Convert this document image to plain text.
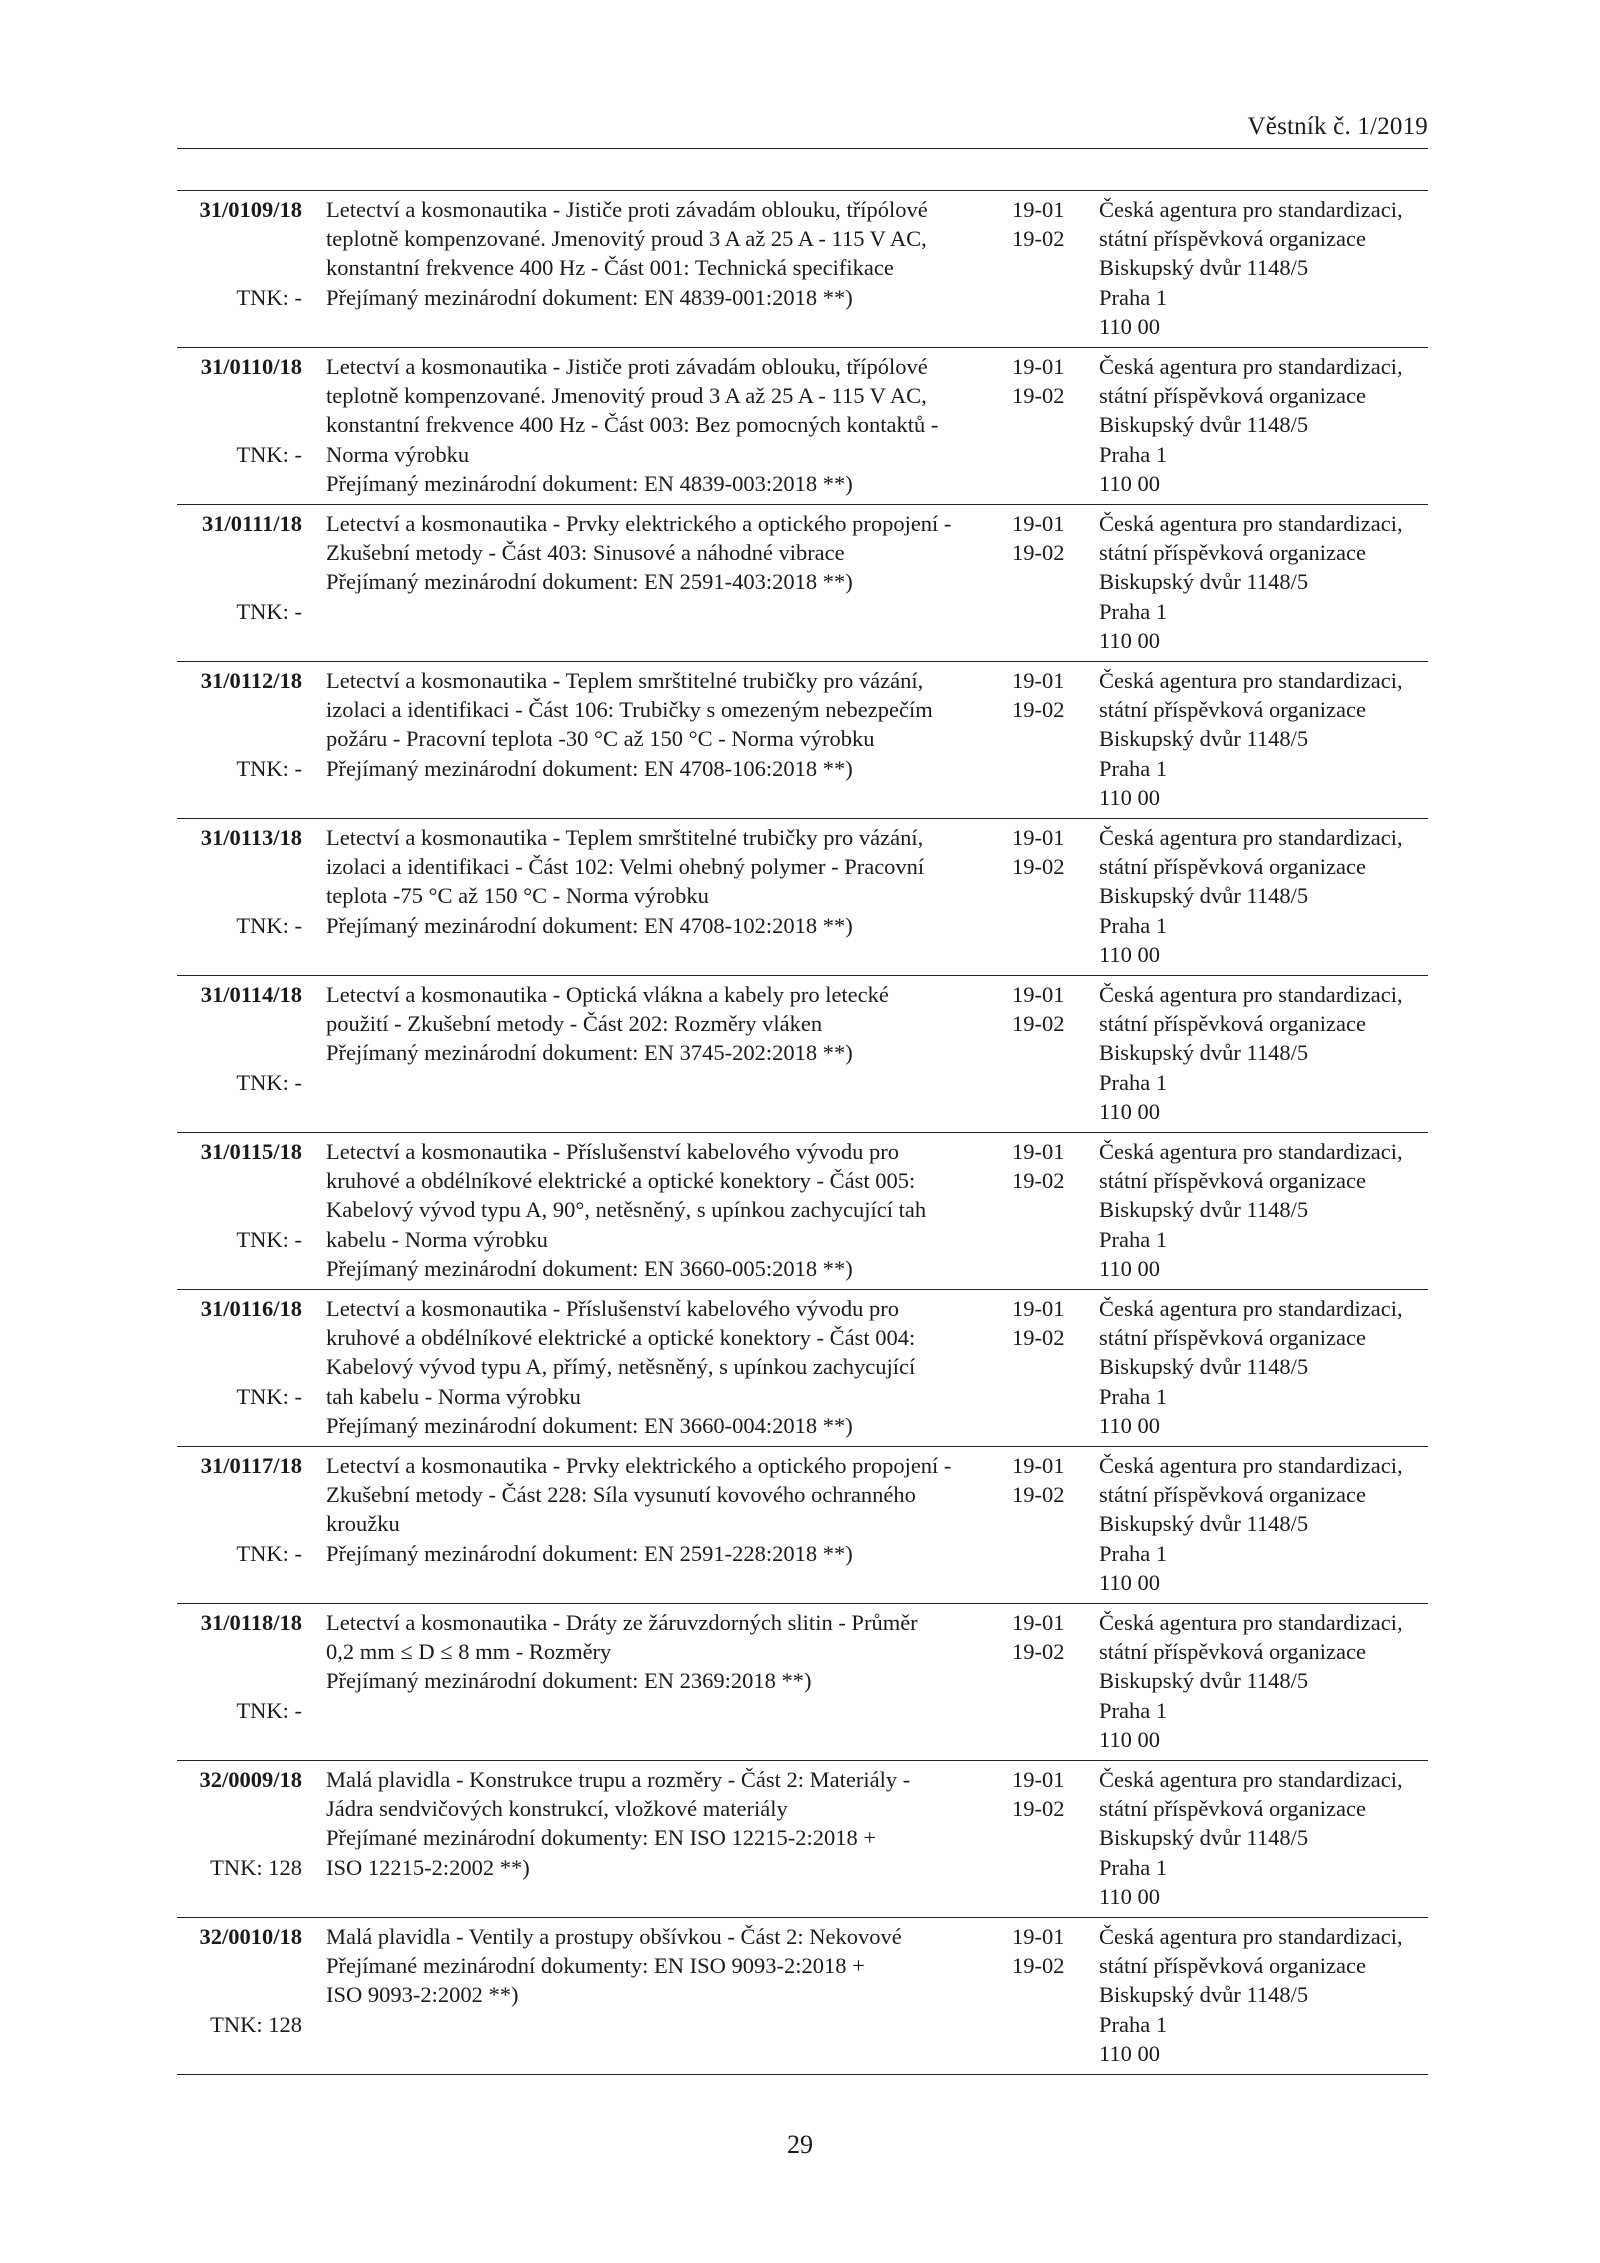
Věstník č. 1/2019
31/0109/18
TNK: -
Letectví a kosmonautika - Jističe proti závadám oblouku, třípólové
teplotně kompenzované. Jmenovitý proud 3 A až 25 A - 115 V AC,
konstantní frekvence 400 Hz - Část 001: Technická specifikace
Přejímaný mezinárodní dokument: EN 4839-001:2018 **)
19-01
19-02
Česká agentura pro standardizaci,
státní příspěvková organizace
Biskupský dvůr 1148/5
Praha 1
110 00
31/0110/18
TNK: -
Letectví a kosmonautika - Jističe proti závadám oblouku, třípólové
teplotně kompenzované. Jmenovitý proud 3 A až 25 A - 115 V AC,
konstantní frekvence 400 Hz - Část 003: Bez pomocných kontaktů -
Norma výrobku
Přejímaný mezinárodní dokument: EN 4839-003:2018 **)
19-01
19-02
Česká agentura pro standardizaci,
státní příspěvková organizace
Biskupský dvůr 1148/5
Praha 1
110 00
31/0111/18
TNK: -
Letectví a kosmonautika - Prvky elektrického a optického propojení -
Zkušební metody - Část 403: Sinusové a náhodné vibrace
Přejímaný mezinárodní dokument: EN 2591-403:2018 **)
19-01
19-02
Česká agentura pro standardizaci,
státní příspěvková organizace
Biskupský dvůr 1148/5
Praha 1
110 00
31/0112/18
TNK: -
Letectví a kosmonautika - Teplem smrštitelné trubičky pro vázání,
izolaci a identifikaci - Část 106: Trubičky s omezeným nebezpečím
požáru - Pracovní teplota -30 °C až 150 °C - Norma výrobku
Přejímaný mezinárodní dokument: EN 4708-106:2018 **)
19-01
19-02
Česká agentura pro standardizaci,
státní příspěvková organizace
Biskupský dvůr 1148/5
Praha 1
110 00
31/0113/18
TNK: -
Letectví a kosmonautika - Teplem smrštitelné trubičky pro vázání,
izolaci a identifikaci - Část 102: Velmi ohebný polymer - Pracovní
teplota -75 °C až 150 °C - Norma výrobku
Přejímaný mezinárodní dokument: EN 4708-102:2018 **)
19-01
19-02
Česká agentura pro standardizaci,
státní příspěvková organizace
Biskupský dvůr 1148/5
Praha 1
110 00
31/0114/18
TNK: -
Letectví a kosmonautika - Optická vlákna a kabely pro letecké
použití - Zkušební metody - Část 202: Rozměry vláken
Přejímaný mezinárodní dokument: EN 3745-202:2018 **)
19-01
19-02
Česká agentura pro standardizaci,
státní příspěvková organizace
Biskupský dvůr 1148/5
Praha 1
110 00
31/0115/18
TNK: -
Letectví a kosmonautika - Příslušenství kabelového vývodu pro
kruhové a obdélníkové elektrické a optické konektory - Část 005:
Kabelový vývod typu A, 90°, netěsněný, s upínkou zachycující tah
kabelu - Norma výrobku
Přejímaný mezinárodní dokument: EN 3660-005:2018 **)
19-01
19-02
Česká agentura pro standardizaci,
státní příspěvková organizace
Biskupský dvůr 1148/5
Praha 1
110 00
31/0116/18
TNK: -
Letectví a kosmonautika - Příslušenství kabelového vývodu pro
kruhové a obdélníkové elektrické a optické konektory - Část 004:
Kabelový vývod typu A, přímý, netěsněný, s upínkou zachycující
tah kabelu - Norma výrobku
Přejímaný mezinárodní dokument: EN 3660-004:2018 **)
19-01
19-02
Česká agentura pro standardizaci,
státní příspěvková organizace
Biskupský dvůr 1148/5
Praha 1
110 00
31/0117/18
TNK: -
Letectví a kosmonautika - Prvky elektrického a optického propojení -
Zkušební metody - Část 228: Síla vysunutí kovového ochranného
kroužku
Přejímaný mezinárodní dokument: EN 2591-228:2018 **)
19-01
19-02
Česká agentura pro standardizaci,
státní příspěvková organizace
Biskupský dvůr 1148/5
Praha 1
110 00
31/0118/18
TNK: -
Letectví a kosmonautika - Dráty ze žáruvzdorných slitin - Průměr
0,2 mm ≤ D ≤ 8 mm - Rozměry
Přejímaný mezinárodní dokument: EN 2369:2018 **)
19-01
19-02
Česká agentura pro standardizaci,
státní příspěvková organizace
Biskupský dvůr 1148/5
Praha 1
110 00
32/0009/18
TNK: 128
Malá plavidla - Konstrukce trupu a rozměry - Část 2: Materiály -
Jádra sendvičových konstrukcí, vložkové materiály
Přejímané mezinárodní dokumenty: EN ISO 12215-2:2018 +
ISO 12215-2:2002 **)
19-01
19-02
Česká agentura pro standardizaci,
státní příspěvková organizace
Biskupský dvůr 1148/5
Praha 1
110 00
32/0010/18
TNK: 128
Malá plavidla - Ventily a prostupy obšívkou - Část 2: Nekovové
Přejímané mezinárodní dokumenty: EN ISO 9093-2:2018 +
ISO 9093-2:2002 **)
19-01
19-02
Česká agentura pro standardizaci,
státní příspěvková organizace
Biskupský dvůr 1148/5
Praha 1
110 00
29
